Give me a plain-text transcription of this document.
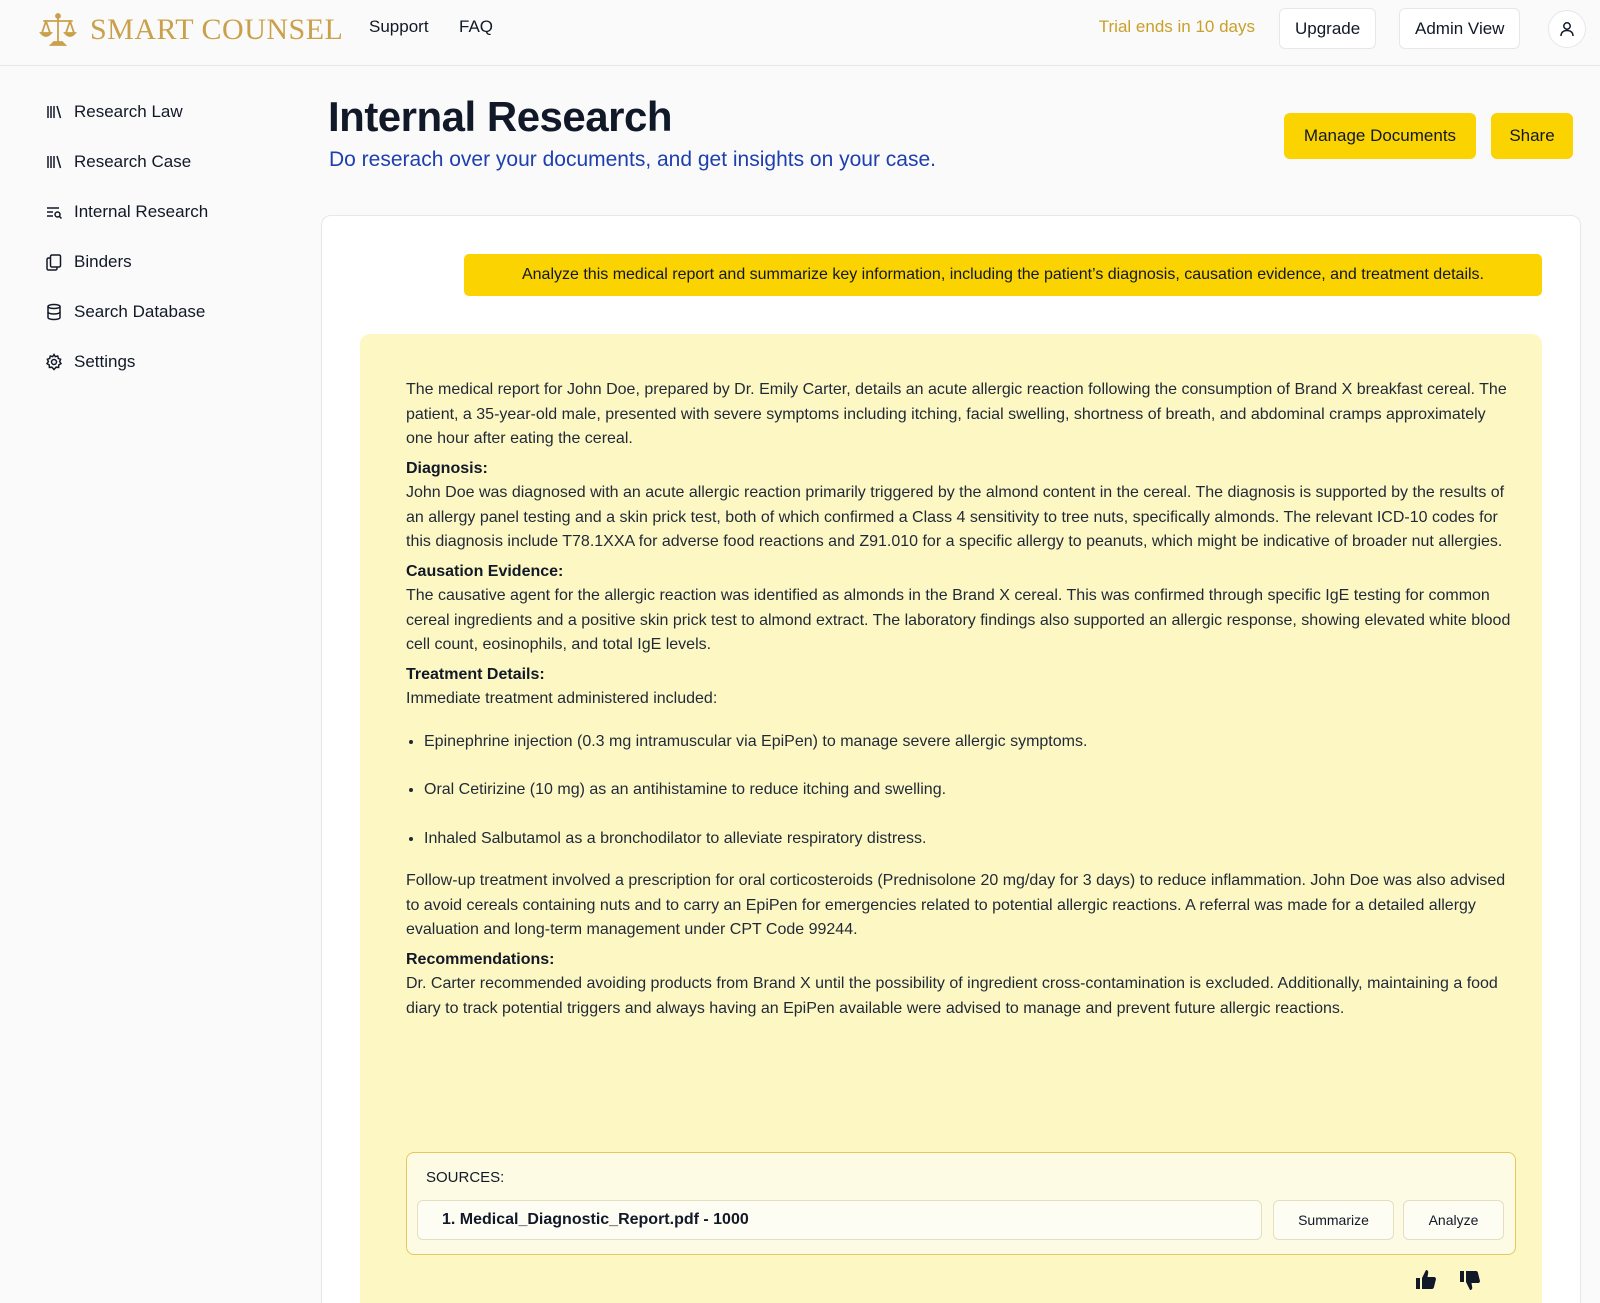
SMART COUNSEL Support FAQ	Trial ends in 10 days	Upgrade	Admin View
Research Law
Research Case
Internal Research
Binders
Search Database
Settings
Internal Research
Do reserach over your documents, and get insights on your case.
Manage Documents	Share
Analyze this medical report and summarize key information, including the patient’s diagnosis, causation evidence, and treatment details.

The medical report for John Doe, prepared by Dr. Emily Carter, details an acute allergic reaction following the consumption of Brand X breakfast cereal. The patient, a 35-year-old male, presented with severe symptoms including itching, facial swelling, shortness of breath, and abdominal cramps approximately one hour after eating the cereal.

Diagnosis:

John Doe was diagnosed with an acute allergic reaction primarily triggered by the almond content in the cereal. The diagnosis is supported by the results of an allergy panel testing and a skin prick test, both of which confirmed a Class 4 sensitivity to tree nuts, specifically almonds. The relevant ICD-10 codes for this diagnosis include T78.1XXA for adverse food reactions and Z91.010 for a specific allergy to peanuts, which might be indicative of broader nut allergies.

Causation Evidence:

The causative agent for the allergic reaction was identified as almonds in the Brand X cereal. This was confirmed through specific IgE testing for common cereal ingredients and a positive skin prick test to almond extract. The laboratory findings also supported an allergic response, showing elevated white blood cell count, eosinophils, and total IgE levels.

Treatment Details:

Immediate treatment administered included:

• Epinephrine injection (0.3 mg intramuscular via EpiPen) to manage severe allergic symptoms.
• Oral Cetirizine (10 mg) as an antihistamine to reduce itching and swelling.
• Inhaled Salbutamol as a bronchodilator to alleviate respiratory distress.

Follow-up treatment involved a prescription for oral corticosteroids (Prednisolone 20 mg/day for 3 days) to reduce inflammation. John Doe was also advised to avoid cereals containing nuts and to carry an EpiPen for emergencies related to potential allergic reactions. A referral was made for a detailed allergy evaluation and long-term management under CPT Code 99244.

Recommendations:

Dr. Carter recommended avoiding products from Brand X until the possibility of ingredient cross-contamination is excluded. Additionally, maintaining a food diary to track potential triggers and always having an EpiPen available were advised to manage and prevent future allergic reactions.

SOURCES:
1. Medical_Diagnostic_Report.pdf - 1000	Summarize	Analyze
